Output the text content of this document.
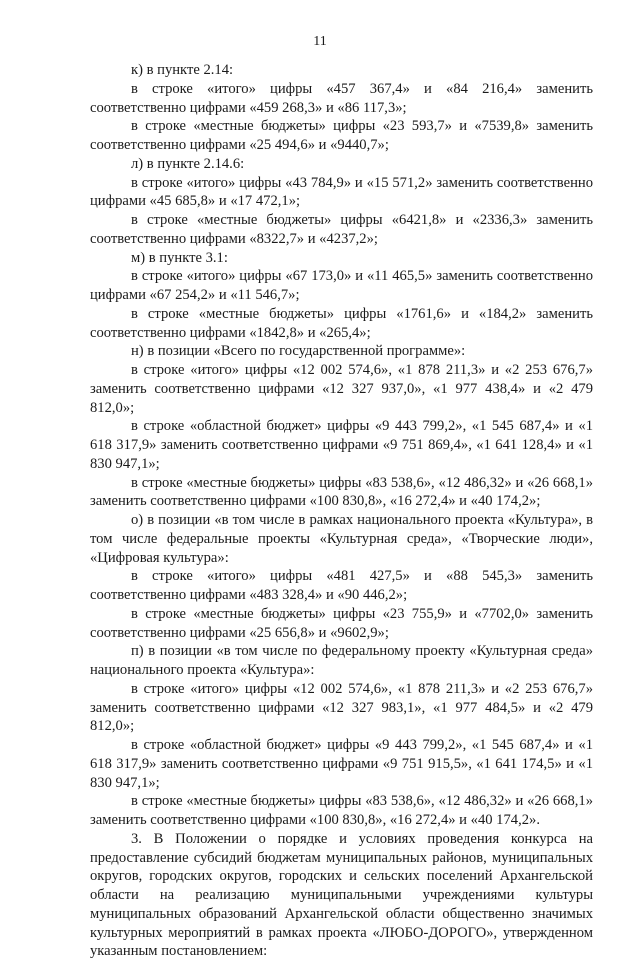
11

к) в пункте 2.14:

в строке «итого» цифры «457 367,4» и «84 216,4» заменить соответственно цифрами «459 268,3» и «86 117,3»;

в строке «местные бюджеты» цифры «23 593,7» и «7539,8» заменить соответственно цифрами «25 494,6» и «9440,7»;

л) в пункте 2.14.6:

в строке «итого» цифры «43 784,9» и «15 571,2» заменить соответственно цифрами «45 685,8» и «17 472,1»;

в строке «местные бюджеты» цифры «6421,8» и «2336,3» заменить соответственно цифрами «8322,7» и «4237,2»;

м) в пункте 3.1:

в строке «итого» цифры «67 173,0» и «11 465,5» заменить соответственно цифрами «67 254,2» и «11 546,7»;

в строке «местные бюджеты» цифры «1761,6» и «184,2» заменить соответственно цифрами «1842,8» и «265,4»;

н) в позиции «Всего по государственной программе»:

в строке «итого» цифры «12 002 574,6», «1 878 211,3» и «2 253 676,7» заменить соответственно цифрами «12 327 937,0», «1 977 438,4» и «2 479 812,0»;

в строке «областной бюджет» цифры «9 443 799,2», «1 545 687,4» и «1 618 317,9» заменить соответственно цифрами «9 751 869,4», «1 641 128,4» и «1 830 947,1»;

в строке «местные бюджеты» цифры «83 538,6», «12 486,32» и «26 668,1» заменить соответственно цифрами «100 830,8», «16 272,4» и «40 174,2»;

о) в позиции «в том числе в рамках национального проекта «Культура», в том числе федеральные проекты «Культурная среда», «Творческие люди», «Цифровая культура»:

в строке «итого» цифры «481 427,5» и «88 545,3» заменить соответственно цифрами «483 328,4» и «90 446,2»;

в строке «местные бюджеты» цифры «23 755,9» и «7702,0» заменить соответственно цифрами «25 656,8» и «9602,9»;

п) в позиции «в том числе по федеральному проекту «Культурная среда» национального проекта «Культура»:

в строке «итого» цифры «12 002 574,6», «1 878 211,3» и «2 253 676,7» заменить соответственно цифрами «12 327 983,1», «1 977 484,5» и «2 479 812,0»;

в строке «областной бюджет» цифры «9 443 799,2», «1 545 687,4» и «1 618 317,9» заменить соответственно цифрами «9 751 915,5», «1 641 174,5» и «1 830 947,1»;

в строке «местные бюджеты» цифры «83 538,6», «12 486,32» и «26 668,1» заменить соответственно цифрами «100 830,8», «16 272,4» и «40 174,2».

3. В Положении о порядке и условиях проведения конкурса на предоставление субсидий бюджетам муниципальных районов, муниципальных округов, городских округов, городских и сельских поселений Архангельской области на реализацию муниципальными учреждениями культуры муниципальных образований Архангельской области общественно значимых культурных мероприятий в рамках проекта «ЛЮБО-ДОРОГО», утвержденном указанным постановлением:
